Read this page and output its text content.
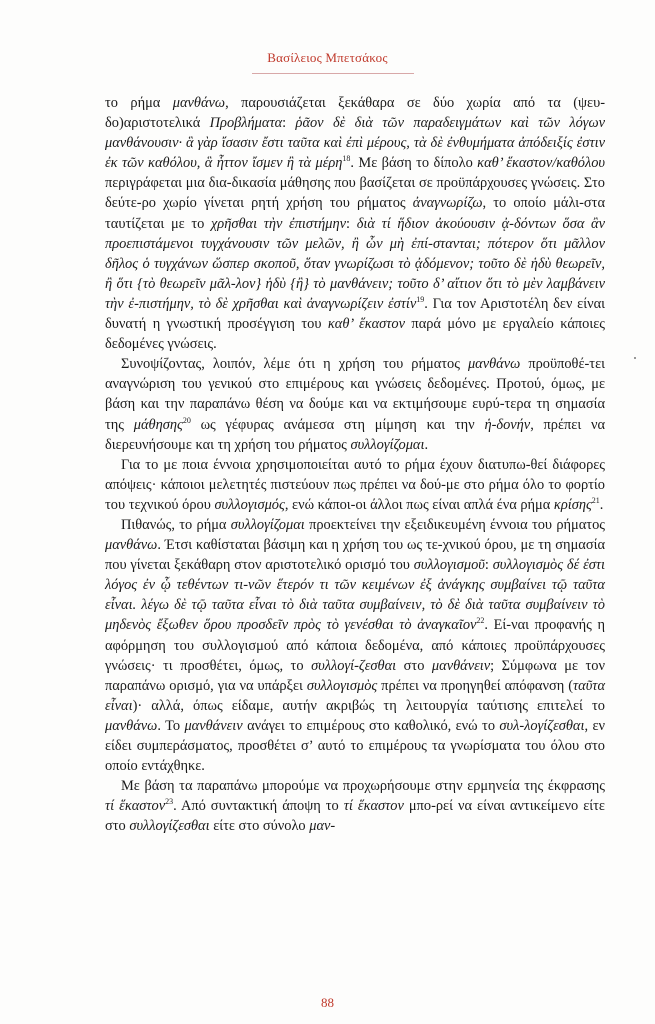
Βασίλειος Μπετσάκος

το ρήμα μανθάνω, παρουσιάζεται ξεκάθαρα σε δύο χωρία από τα (ψευ-δο)αριστοτελικά Προβλήματα: ῥᾶον δὲ διὰ τῶν παραδειγμάτων καὶ τῶν λόγων μανθάνουσιν· ἃ γὰρ ἴσασιν ἔστι ταῦτα καὶ ἐπὶ μέρους, τὰ δὲ ἐνθυμήματα ἀπόδειξίς ἐστιν ἐκ τῶν καθόλου, ἃ ἧττον ἴσμεν ἢ τὰ μέρη$^{18}$. Με βάση το δίπολο καθ’ ἕκαστον/καθόλου περιγράφεται μια δια-δικασία μάθησης που βασίζεται σε προϋπάρχουσες γνώσεις. Στο δεύτε-ρο χωρίο γίνεται ρητή χρήση του ρήματος ἀναγνωρίζω, το οποίο μάλι-στα ταυτίζεται με το χρῆσθαι τὴν ἐπιστήμην: διὰ τί ἥδιον ἀκούουσιν ᾀ-δόντων ὅσα ἂν προεπιστάμενοι τυγχάνουσιν τῶν μελῶν, ἢ ὧν μὴ ἐπί-στανται; πότερον ὅτι μᾶλλον δῆλος ὁ τυγχάνων ὥσπερ σκοποῦ, ὅταν γνωρίζωσι τὸ ᾀδόμενον; τοῦτο δὲ ἡδὺ θεωρεῖν, ἢ ὅτι {τὸ θεωρεῖν μᾶλ-λον} ἡδὺ {ἢ} τὸ μανθάνειν; τοῦτο δ’ αἴτιον ὅτι τὸ μὲν λαμβάνειν τὴν ἐ-πιστήμην, τὸ δὲ χρῆσθαι καὶ ἀναγνωρίζειν ἐστίν$^{19}$. Για τον Αριστοτέλη δεν είναι δυνατή η γνωστική προσέγγιση του καθ’ ἕκαστον παρά μόνο με εργαλείο κάποιες δεδομένες γνώσεις.

Συνοψίζοντας, λοιπόν, λέμε ότι η χρήση του ρήματος μανθάνω προϋποθέ-τει αναγνώριση του γενικού στο επιμέρους και γνώσεις δεδομένες. Προτού, όμως, με βάση και την παραπάνω θέση να δούμε και να εκτιμήσουμε ευρύ-τερα τη σημασία της μάθησης$^{20}$ ως γέφυρας ανάμεσα στη μίμηση και την ἡ-δονήν, πρέπει να διερευνήσουμε και τη χρήση του ρήματος συλλογίζομαι.

Για το με ποια έννοια χρησιμοποιείται αυτό το ρήμα έχουν διατυπω-θεί διάφορες απόψεις· κάποιοι μελετητές πιστεύουν πως πρέπει να δού-με στο ρήμα όλο το φορτίο του τεχνικού όρου συλλογισμός, ενώ κάποι-οι άλλοι πως είναι απλά ένα ρήμα κρίσης$^{21}$.

Πιθανώς, το ρήμα συλλογίζομαι προεκτείνει την εξειδικευμένη έννοια του ρήματος μανθάνω. Έτσι καθίσταται βάσιμη και η χρήση του ως τε-χνικού όρου, με τη σημασία που γίνεται ξεκάθαρη στον αριστοτελικό ορισμό του συλλογισμοῦ: συλλογισμὸς δέ ἐστι λόγος ἐν ᾧ τεθέντων τι-νῶν ἕτερόν τι τῶν κειμένων ἐξ ἀνάγκης συμβαίνει τῷ ταῦτα εἶναι. λέγω δὲ τῷ ταῦτα εἶναι τὸ διὰ ταῦτα συμβαίνειν, τὸ δὲ διὰ ταῦτα συμβαίνειν τὸ μηδενὸς ἔξωθεν ὅρου προσδεῖν πρὸς τὸ γενέσθαι τὸ ἀναγκαῖον$^{22}$. Εί-ναι προφανής η αφόρμηση του συλλογισμού από κάποια δεδομένα, από κάποιες προϋπάρχουσες γνώσεις· τι προσθέτει, όμως, το συλλογί-ζεσθαι στο μανθάνειν; Σύμφωνα με τον παραπάνω ορισμό, για να υπάρξει συλλογισμὸς πρέπει να προηγηθεί απόφανση (ταῦτα εἶναι)· αλλά, όπως είδαμε, αυτήν ακριβώς τη λειτουργία ταύτισης επιτελεί το μανθάνω. Το μανθάνειν ανάγει το επιμέρους στο καθολικό, ενώ το συλ-λογίζεσθαι, εν είδει συμπεράσματος, προσθέτει σ’ αυτό το επιμέρους τα γνωρίσματα του όλου στο οποίο εντάχθηκε.

Με βάση τα παραπάνω μπορούμε να προχωρήσουμε στην ερμηνεία της έκφρασης τί ἕκαστον$^{23}$. Από συντακτική άποψη το τί ἕκαστον μπο-ρεί να είναι αντικείμενο είτε στο συλλογίζεσθαι είτε στο σύνολο μαν-

88
